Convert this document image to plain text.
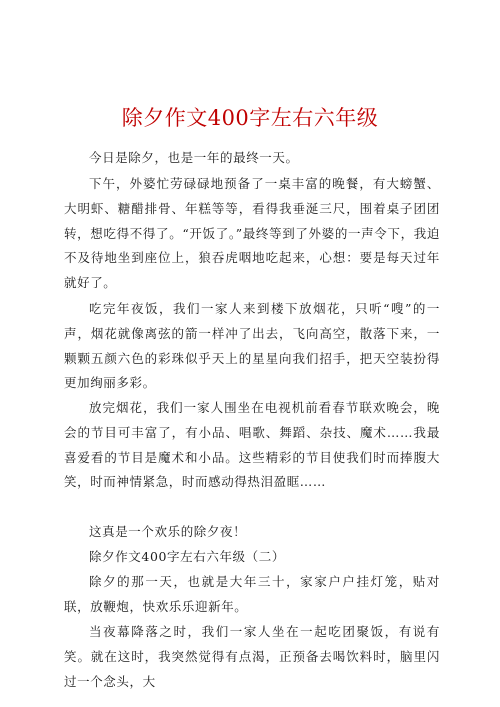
除夕作文400字左右六年级

今日是除夕，也是一年的最终一天。

下午，外婆忙劳碌碌地预备了一桌丰富的晚餐，有大螃蟹、大明虾、糖醋排骨、年糕等等，看得我垂涎三尺，围着桌子团团转，想吃得不得了。“开饭了。”最终等到了外婆的一声令下，我迫不及待地坐到座位上，狼吞虎咽地吃起来，心想：要是每天过年就好了。

吃完年夜饭，我们一家人来到楼下放烟花，只听“嗖”的一声，烟花就像离弦的箭一样冲了出去，飞向高空，散落下来，一颗颗五颜六色的彩珠似乎天上的星星向我们招手，把天空装扮得更加绚丽多彩。

放完烟花，我们一家人围坐在电视机前看春节联欢晚会，晚会的节目可丰富了，有小品、唱歌、舞蹈、杂技、魔术……我最喜爱看的节目是魔术和小品。这些精彩的节目使我们时而捧腹大笑，时而神情紧急，时而感动得热泪盈眶……

这真是一个欢乐的除夕夜！

除夕作文400字左右六年级（二）

除夕的那一天，也就是大年三十，家家户户挂灯笼，贴对联，放鞭炮，快欢乐乐迎新年。

当夜幕降落之时，我们一家人坐在一起吃团聚饭，有说有笑。就在这时，我突然觉得有点渴，正预备去喝饮料时，脑里闪过一个念头，大
